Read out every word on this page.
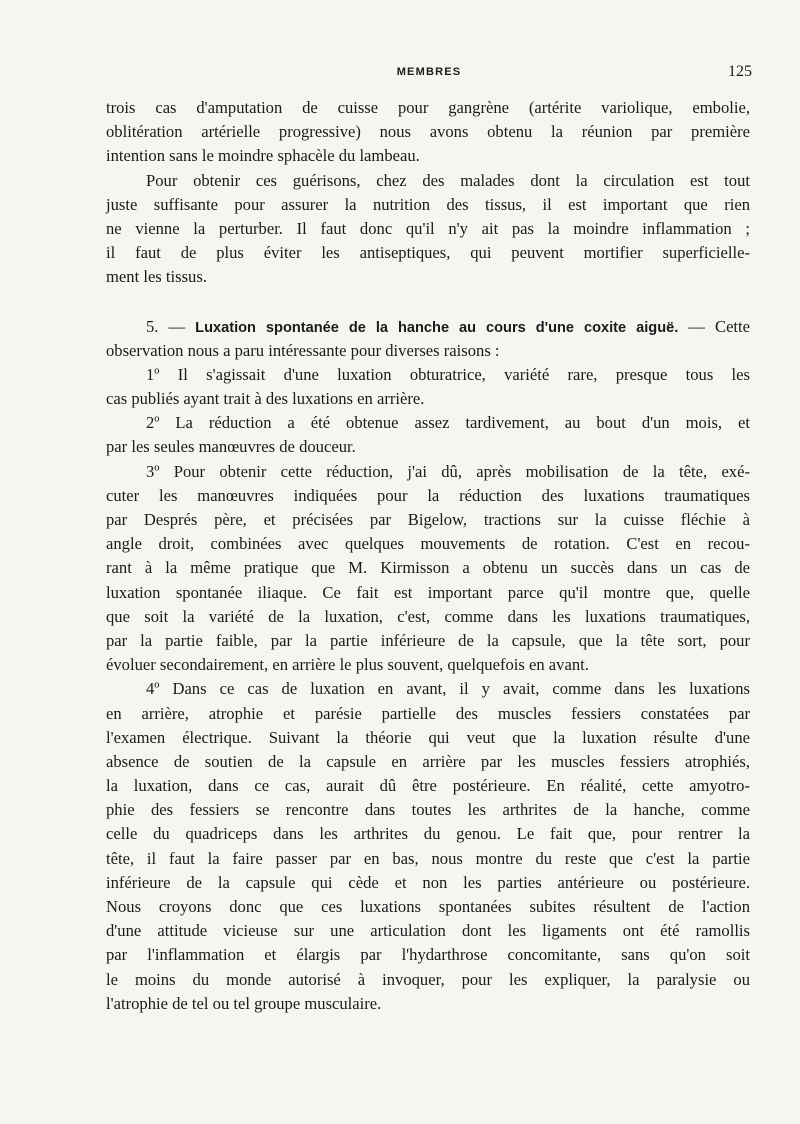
MEMBRES	125
trois cas d'amputation de cuisse pour gangrène (artérite variolique, embolie,
oblitération artérielle progressive) nous avons obtenu la réunion par première
intention sans le moindre sphacèle du lambeau.
Pour obtenir ces guérisons, chez des malades dont la circulation est tout
juste suffisante pour assurer la nutrition des tissus, il est important que rien
ne vienne la perturber. Il faut donc qu'il n'y ait pas la moindre inflammation ;
il faut de plus éviter les antiseptiques, qui peuvent mortifier superficielle-
ment les tissus.
5. — Luxation spontanée de la hanche au cours d'une coxite aiguë. — Cette
observation nous a paru intéressante pour diverses raisons :
1º Il s'agissait d'une luxation obturatrice, variété rare, presque tous les
cas publiés ayant trait à des luxations en arrière.
2º La réduction a été obtenue assez tardivement, au bout d'un mois, et
par les seules manœuvres de douceur.
3º Pour obtenir cette réduction, j'ai dû, après mobilisation de la tête, exé-
cuter les manœuvres indiquées pour la réduction des luxations traumatiques
par Després père, et précisées par Bigelow, tractions sur la cuisse fléchie à
angle droit, combinées avec quelques mouvements de rotation. C'est en recou-
rant à la même pratique que M. Kirmisson a obtenu un succès dans un cas de
luxation spontanée iliaque. Ce fait est important parce qu'il montre que, quelle
que soit la variété de la luxation, c'est, comme dans les luxations traumatiques,
par la partie faible, par la partie inférieure de la capsule, que la tête sort, pour
évoluer secondairement, en arrière le plus souvent, quelquefois en avant.
4º Dans ce cas de luxation en avant, il y avait, comme dans les luxations
en arrière, atrophie et parésie partielle des muscles fessiers constatées par
l'examen électrique. Suivant la théorie qui veut que la luxation résulte d'une
absence de soutien de la capsule en arrière par les muscles fessiers atrophiés,
la luxation, dans ce cas, aurait dû être postérieure. En réalité, cette amyotro-
phie des fessiers se rencontre dans toutes les arthrites de la hanche, comme
celle du quadriceps dans les arthrites du genou. Le fait que, pour rentrer la
tête, il faut la faire passer par en bas, nous montre du reste que c'est la partie
inférieure de la capsule qui cède et non les parties antérieure ou postérieure.
Nous croyons donc que ces luxations spontanées subites résultent de l'action
d'une attitude vicieuse sur une articulation dont les ligaments ont été ramollis
par l'inflammation et élargis par l'hydarthrose concomitante, sans qu'on soit
le moins du monde autorisé à invoquer, pour les expliquer, la paralysie ou
l'atrophie de tel ou tel groupe musculaire.
